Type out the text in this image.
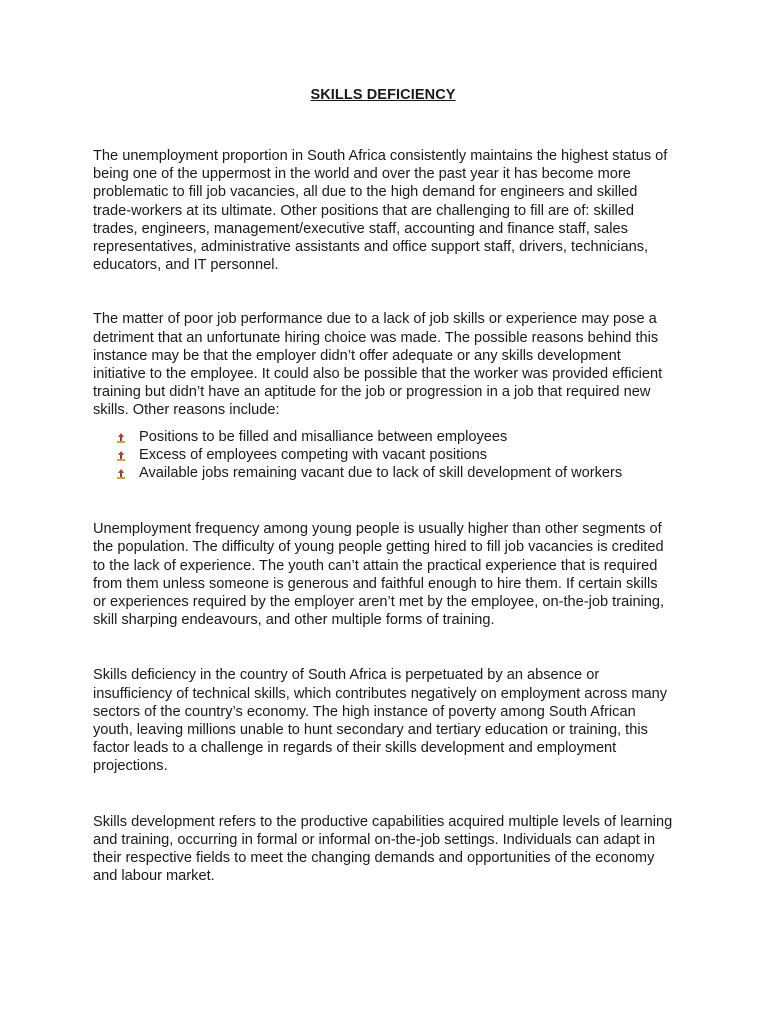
SKILLS DEFICIENCY

The unemployment proportion in South Africa consistently maintains the highest status of being one of the uppermost in the world and over the past year it has become more problematic to fill job vacancies, all due to the high demand for engineers and skilled trade-workers at its ultimate. Other positions that are challenging to fill are of: skilled trades, engineers, management/executive staff, accounting and finance staff, sales representatives, administrative assistants and office support staff, drivers, technicians, educators, and IT personnel.

The matter of poor job performance due to a lack of job skills or experience may pose a detriment that an unfortunate hiring choice was made. The possible reasons behind this instance may be that the employer didn’t offer adequate or any skills development initiative to the employee. It could also be possible that the worker was provided efficient training but didn’t have an aptitude for the job or progression in a job that required new skills. Other reasons include:

Positions to be filled and misalliance between employees
Excess of employees competing with vacant positions
Available jobs remaining vacant due to lack of skill development of workers

Unemployment frequency among young people is usually higher than other segments of the population. The difficulty of young people getting hired to fill job vacancies is credited to the lack of experience. The youth can’t attain the practical experience that is required from them unless someone is generous and faithful enough to hire them. If certain skills or experiences required by the employer aren’t met by the employee, on-the-job training, skill sharping endeavours, and other multiple forms of training.

Skills deficiency in the country of South Africa is perpetuated by an absence or insufficiency of technical skills, which contributes negatively on employment across many sectors of the country’s economy. The high instance of poverty among South African youth, leaving millions unable to hunt secondary and tertiary education or training, this factor leads to a challenge in regards of their skills development and employment projections.

Skills development refers to the productive capabilities acquired multiple levels of learning and training, occurring in formal or informal on-the-job settings. Individuals can adapt in their respective fields to meet the changing demands and opportunities of the economy and labour market.
